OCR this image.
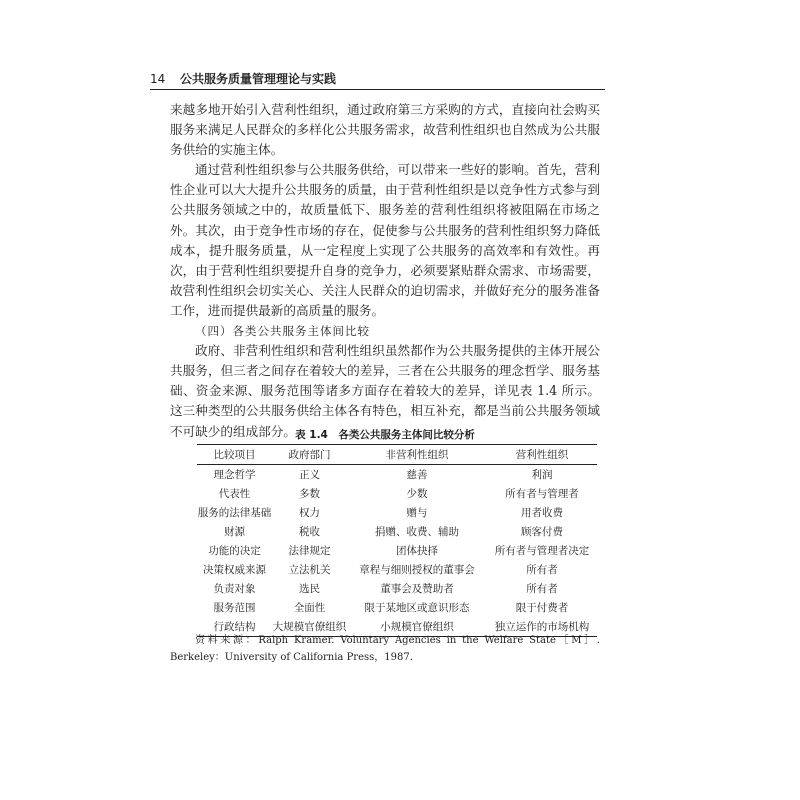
14 公共服务质量管理理论与实践

来越多地开始引入营利性组织，通过政府第三方采购的方式，直接向社会购买服务来满足人民群众的多样化公共服务需求，故营利性组织也自然成为公共服务供给的实施主体。

通过营利性组织参与公共服务供给，可以带来一些好的影响。首先，营利性企业可以大大提升公共服务的质量，由于营利性组织是以竞争性方式参与到公共服务领域之中的，故质量低下、服务差的营利性组织将被阻隔在市场之外。其次，由于竞争性市场的存在，促使参与公共服务的营利性组织努力降低成本，提升服务质量，从一定程度上实现了公共服务的高效率和有效性。再次，由于营利性组织要提升自身的竞争力，必须要紧贴群众需求、市场需要，故营利性组织会切实关心、关注人民群众的迫切需求，并做好充分的服务准备工作，进而提供最新的高质量的服务。

（四）各类公共服务主体间比较

政府、非营利性组织和营利性组织虽然都作为公共服务提供的主体开展公共服务，但三者之间存在着较大的差异，三者在公共服务的理念哲学、服务基础、资金来源、服务范围等诸多方面存在着较大的差异，详见表 1.4 所示。这三种类型的公共服务供给主体各有特色，相互补充，都是当前公共服务领域不可缺少的组成部分。 表 1.4　各类公共服务主体间比较分析
比较项目	政府部门	非营利性组织	营利性组织
理念哲学	正义	慈善	利润
代表性	多数	少数	所有者与管理者
服务的法律基础	权力	赠与	用者收费
财源	税收	捐赠、收费、辅助	顾客付费
功能的决定	法律规定	团体抉择	所有者与管理者决定
决策权威来源	立法机关	章程与细则授权的董事会	所有者
负责对象	选民	董事会及赞助者	所有者
服务范围	全面性	限于某地区或意识形态	限于付费者
行政结构	大规模官僚组织	小规模官僚组织	独立运作的市场机构
资料来源：Ralph Kramer. Voluntary Agencies in the Welfare State［M］. Berkeley：University of California Press，1987.
